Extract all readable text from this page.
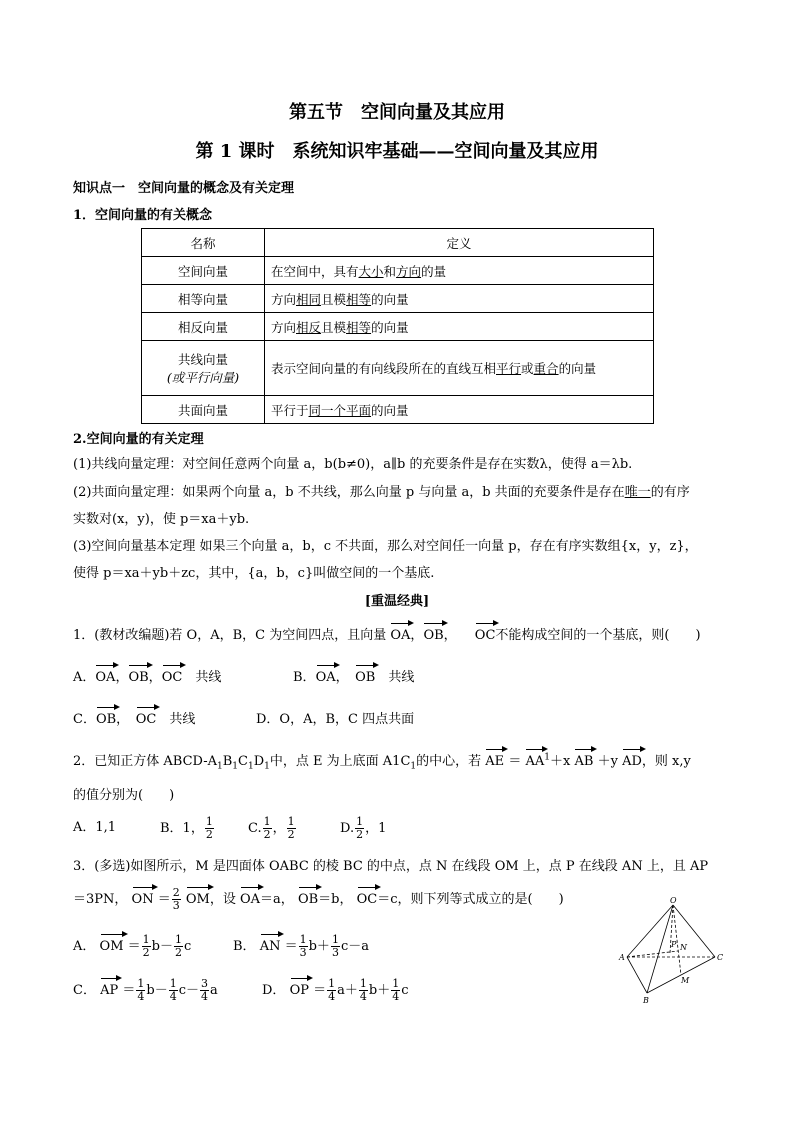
第五节　空间向量及其应用
第 1 课时　系统知识牢基础——空间向量及其应用
知识点一　空间向量的概念及有关定理
1．空间向量的有关概念
名称	定义
空间向量	在空间中，具有大小和方向的量
相等向量	方向相同且模相等的向量
相反向量	方向相反且模相等的向量

共线向量
(或平行向量)	表示空间向量的有向线段所在的直线互相平行或重合的向量
共面向量	平行于同一个平面的向量
2.空间向量的有关定理
(1)共线向量定理：对空间任意两个向量 a，b(b≠0)，a∥b 的充要条件是存在实数λ，使得 a＝λb.
(2)共面向量定理：如果两个向量 a，b 不共线，那么向量 p 与向量 a，b 共面的充要条件是存在唯一的有序
实数对(x，y)，使 p＝xa＋yb.
(3)空间向量基本定理 如果三个向量 a，b，c 不共面，那么对空间任一向量 p，存在有序实数组{x，y，z}，
使得 p＝xa＋yb＋zc，其中，{a，b，c}叫做空间的一个基底.
[重温经典]
1．(教材改编题)若 O，A，B，C 为空间四点，且向量 OA，OB， OC不能构成空间的一个基底，则(　　)
A．OA，OB，OC　 共线	B．OA，　OB　 共线
C．OB，　OC　 共线	D．O，A，B，C 四点共面
2．已知正方体 ABCD-$A_1B_1C_1D_1$中，点 E 为上底面 $A1C_1$的中心，若 AE ＝ $AA^1+x$ AB ＋y AD，则 x,y
的值分别为(　　)
A．1,1	B．1， $\frac{1}{2}$	C. $\frac{1}{2}$ ， $\frac{1}{2}$	D. $\frac{1}{2}$ ，1
3．(多选)如图所示，M 是四面体 OABC 的棱 BC 的中点，点 N 在线段 OM 上，点 P 在线段 AN 上，且 AP
＝3PN， ON ＝ $\frac{2}{3}$ OM，设 OA＝a， OB＝b， OC＝c，则下列等式成立的是(　　)
A． OM ＝ $\frac{1}{2} b- \frac{1}{2}$ c	B． AN ＝ $\frac{1}{3} b+ \frac{1}{3} c-a$
C． AP ＝ $\frac{1}{4} b- \frac{1}{4} c- \frac{3}{4}$ a	D． OP ＝ $\frac{1}{4} a+ \frac{1}{4} b+ \frac{1}{4}$ c
O
A
B
C
M
N
P
